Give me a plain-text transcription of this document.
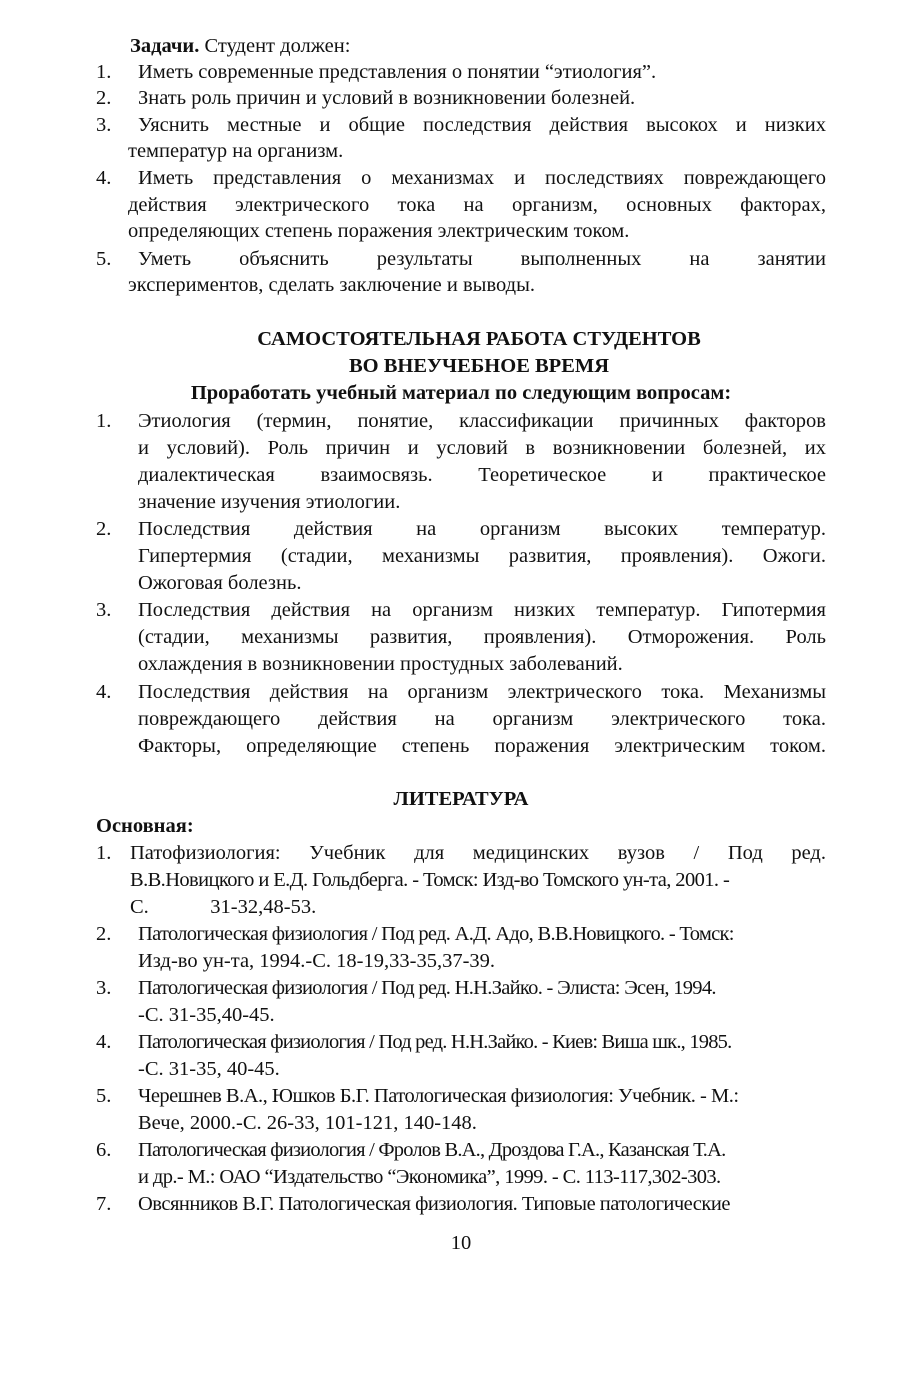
Задачи. Студент должен:
1. Иметь современные представления о понятии “этиология”.
2. Знать роль причин и условий в возникновении болезней.
3. Уяснить местные и общие последствия действия высокох и низких
температур на организм.
4. Иметь представления о механизмах и последствиях повреждающего
действия электрического тока на организм, основных факторах,
определяющих степень поражения электрическим током.
5. Уметь объяснить результаты выполненных на занятии
экспериментов, сделать заключение и выводы.
САМОСТОЯТЕЛЬНАЯ РАБОТА СТУДЕНТОВ
ВО ВНЕУЧЕБНОЕ ВРЕМЯ
Проработать учебный материал по следующим вопросам:
1. Этиология (термин, понятие, классификации причинных факторов
и условий). Роль причин и условий в возникновении болезней, их
диалектическая взаимосвязь. Теоретическое и практическое
значение изучения этиологии.
2. Последствия действия на организм высоких температур.
Гипертермия (стадии, механизмы развития, проявления). Ожоги.
Ожоговая болезнь.
3. Последствия действия на организм низких температур. Гипотермия
(стадии, механизмы развития, проявления). Отморожения. Роль
охлаждения в возникновении простудных заболеваний.
4. Последствия действия на организм электрического тока. Механизмы
повреждающего действия на организм электрического тока.
Факторы, определяющие степень поражения электрическим током.
ЛИТЕРАТУРА
Основная:
1. Патофизиология: Учебник для медицинских вузов / Под ред.
В.В.Новицкого и Е.Д. Гольдберга. - Томск: Изд-во Томского ун-та, 2001. -
С.            31-32,48-53.
2. Патологическая физиология / Под ред. А.Д. Адо, В.В.Новицкого. - Томск:
Изд-во ун-та, 1994.-С. 18-19,33-35,37-39.
3. Патологическая физиология / Под ред. Н.Н.Зайко. - Элиста: Эсен, 1994.
-С. 31-35,40-45.
4. Патологическая физиология / Под ред. Н.Н.Зайко. - Киев: Виша шк., 1985.
-С. 31-35, 40-45.
5. Черешнев В.А., Юшков Б.Г. Патологическая физиология: Учебник. - М.:
Вече, 2000.-С. 26-33, 101-121, 140-148.
6. Патологическая физиология / Фролов В.А., Дроздова Г.А., Казанская Т.А.
и др.- М.: ОАО “Издательство “Экономика”, 1999. - С. 113-117,302-303.
7. Овсянников В.Г. Патологическая физиология. Типовые патологические
10
